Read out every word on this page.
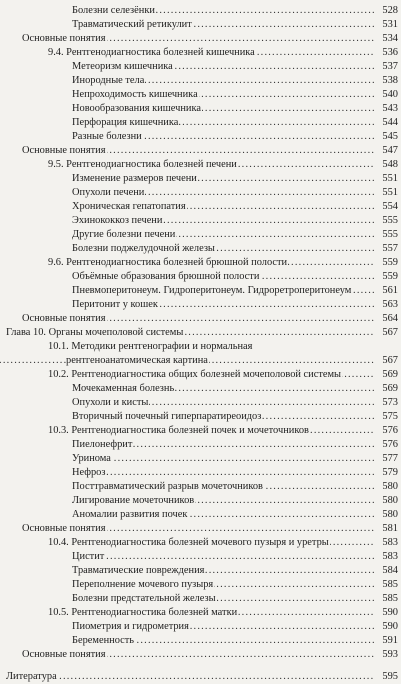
.....
Болезни селезёнки	528
.....
Травматический ретикулит	531
.....
Основные понятия	534
.....
9.4. Рентгенодиагностика болезней кишечника	536
.....
Метеоризм кишечника	537
.....
Инородные тела	538
.....
Непроходимость кишечника	540
.....
Новообразования кишечника	543
.....
Перфорация кишечника	544
.....
Разные болезни	545
.....
Основные понятия	547
.....
9.5. Рентгенодиагностика болезней печени	548
.....
Изменение размеров печени	551
.....
Опухоли печени	551
.....
Хроническая гепатопатия	554
.....
Эхинококкоз печени	555
.....
Другие болезни печени	555
.....
Болезни поджелудочной железы	557
.....
9.6. Рентгенодиагностика болезней брюшной полости	559
.....
Объёмные образования брюшной полости	559
.....
Пневмоперитонеум. Гидроперитонеум. Гидроретроперитонеум	561
.....
Перитонит у кошек	563
.....
Основные понятия	564
.....
Глава 10. Органы мочеполовой системы	567
10.1. Методики рентгенографии и нормальная
.....
рентгеноанатомическая картина	567
.....
10.2. Рентгенодиагностика общих болезней мочеполовой системы	569
.....
Мочекаменная болезнь	569
.....
Опухоли и кисты	573
.....
Вторичный почечный гиперпаратиреоидоз	575
.....
10.3. Рентгенодиагностика болезней почек и мочеточников	576
.....
Пиелонефрит	576
.....
Уринома	577
.....
Нефроз	579
.....
Посттравматический разрыв мочеточников	580
.....
Лигирование мочеточников	580
.....
Аномалии развития почек	580
.....
Основные понятия	581
.....
10.4. Рентгенодиагностика болезней мочевого пузыря и уретры	583
.....
Цистит	583
.....
Травматические повреждения	584
.....
Переполнение мочевого пузыря	585
.....
Болезни предстательной железы	585
.....
10.5. Рентгенодиагностика болезней матки	590
.....
Пиометрия и гидрометрия	590
.....
Беременность	591
.....
Основные понятия	593
.....
Литература	595
